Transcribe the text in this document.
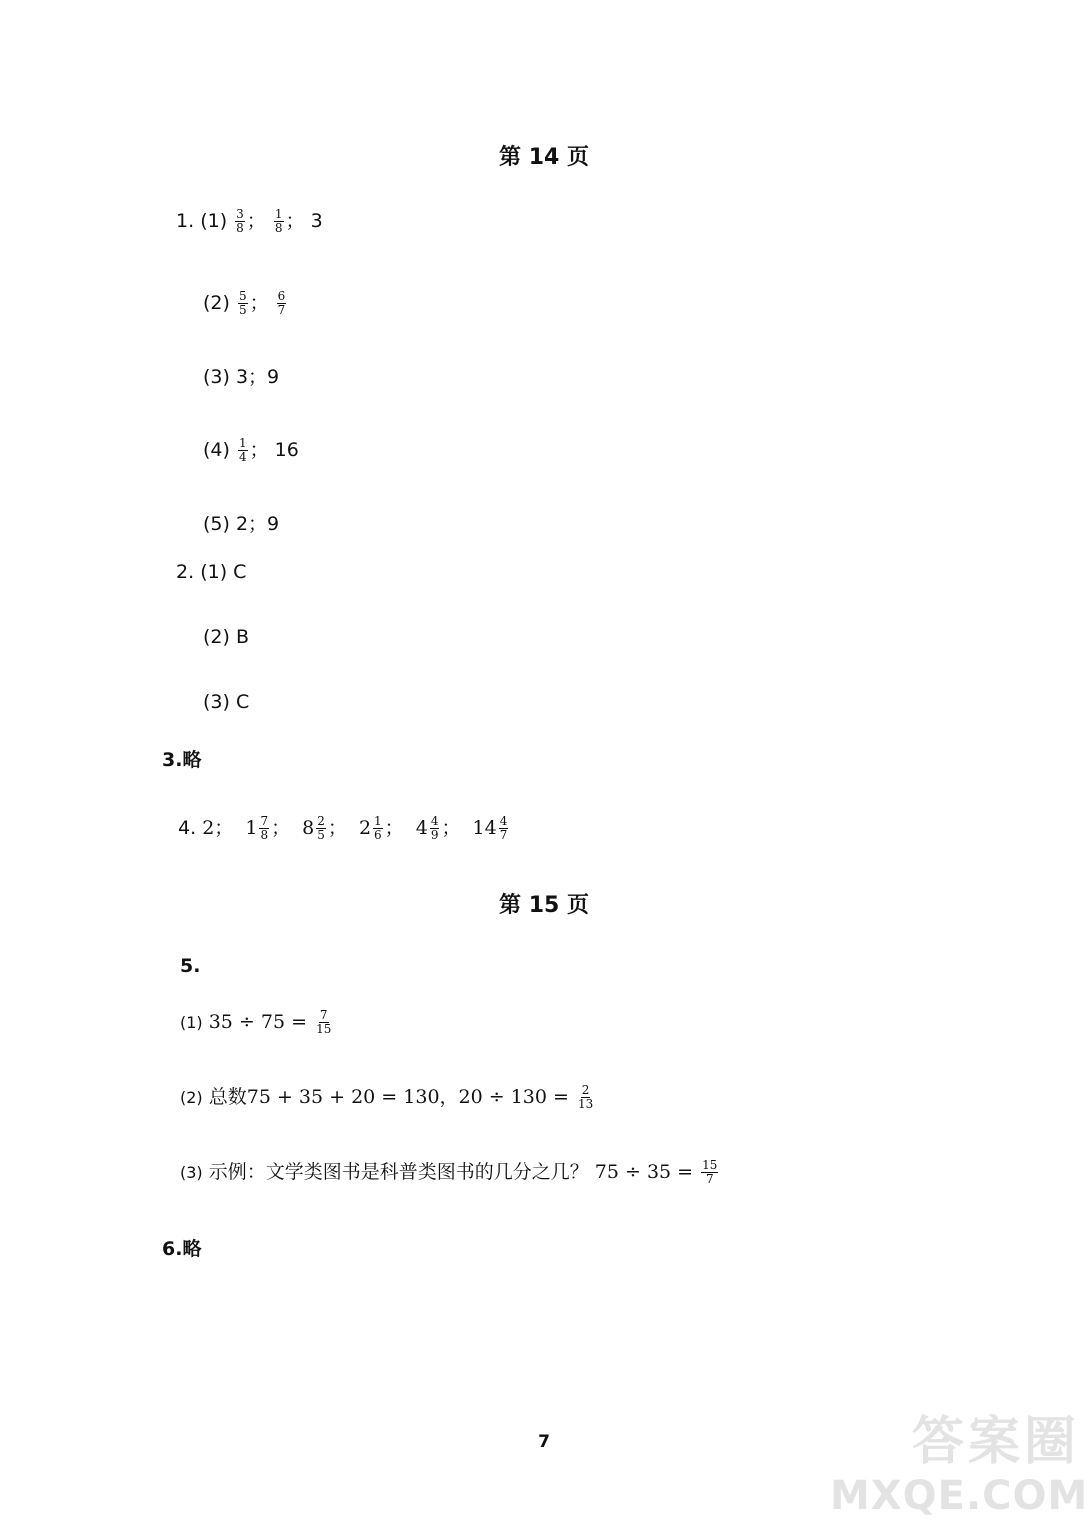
第 14 页
1. $(1) \frac{3}{8}$ ； $\frac{1}{8}$ ； 3
$(2) \frac{5}{5}$ ； $\frac{6}{7}$
(3) 3；9
$(4) \frac{1}{4}$ ； 16
(5) 2；9
2. (1) C
(2) B
(3) C
3.略
4. 2； $1 \frac{7}{8}$ ； $8 \frac{2}{5}$ ； $2 \frac{1}{6}$ ； $4 \frac{4}{9}$ ； $14 \frac{4}{7}$
第 15 页
5.
(1) $35 \div 75 = \frac{7}{15}$
(2) 总数75 + 35 + 20 = 130，$20 \div 130 = \frac{2}{13}$
(3) 示例：文学类图书是科普类图书的几分之几？ $75 \div 35 = \frac{15}{7}$
6.略
7	答案圈
MXQE.COM
